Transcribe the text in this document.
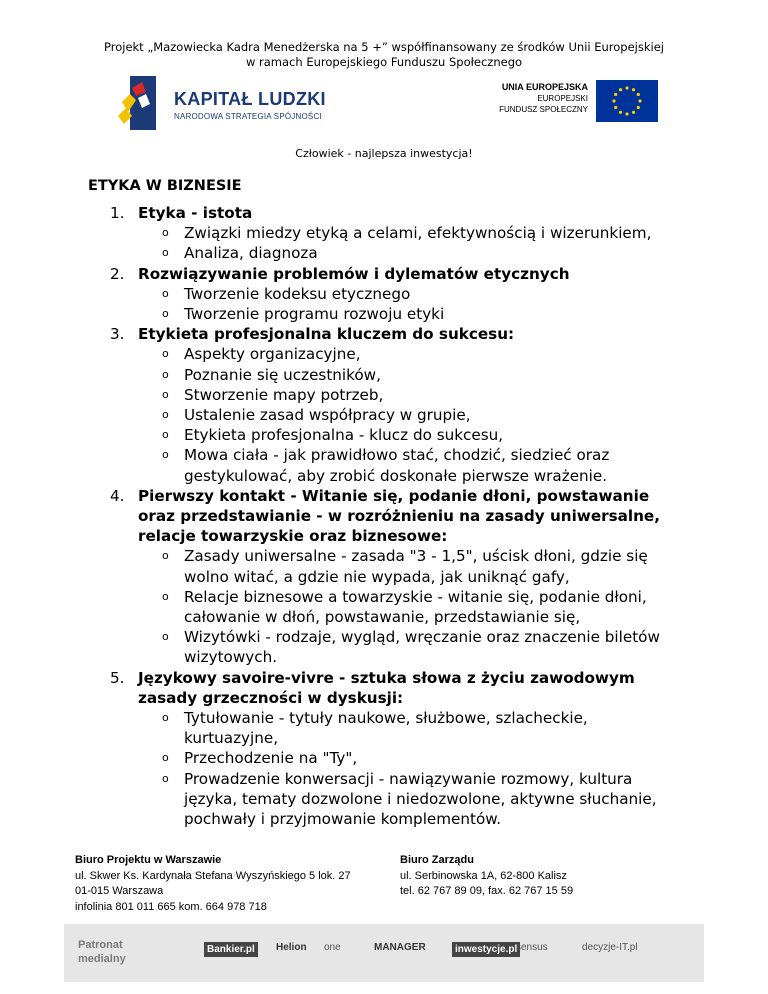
Projekt „Mazowiecka Kadra Menedżerska na 5 +” współfinansowany ze środków Unii Europejskiej
w ramach Europejskiego Funduszu Społecznego
KAPITAŁ LUDZKI
NARODOWA STRATEGIA SPÓJNOŚCI
UNIA EUROPEJSKA
EUROPEJSKI
FUNDUSZ SPOŁECZNY
Człowiek - najlepsza inwestycja!
ETYKA W BIZNESIE
1. Etyka - istota
o	Związki miedzy etyką a celami, efektywnością i wizerunkiem,
o	Analiza, diagnoza
2. Rozwiązywanie problemów i dylematów etycznych
o	Tworzenie kodeksu etycznego
o	Tworzenie programu rozwoju etyki
3. Etykieta profesjonalna kluczem do sukcesu:
o	Aspekty organizacyjne,
o	Poznanie się uczestników,
o	Stworzenie mapy potrzeb,
o	Ustalenie zasad współpracy w grupie,
o	Etykieta profesjonalna - klucz do sukcesu,
o	Mowa ciała - jak prawidłowo stać, chodzić, siedzieć oraz
gestykulować, aby zrobić doskonałe pierwsze wrażenie.
4. Pierwszy kontakt - Witanie się, podanie dłoni, powstawanie
oraz przedstawianie - w rozróżnieniu na zasady uniwersalne,
relacje towarzyskie oraz biznesowe:
o	Zasady uniwersalne - zasada "3 - 1,5", uścisk dłoni, gdzie się
wolno witać, a gdzie nie wypada, jak uniknąć gafy,
o	Relacje biznesowe a towarzyskie - witanie się, podanie dłoni,
całowanie w dłoń, powstawanie, przedstawianie się,
o	Wizytówki - rodzaje, wygląd, wręczanie oraz znaczenie biletów
wizytowych.
5. Językowy savoire-vivre - sztuka słowa z życiu zawodowym
zasady grzeczności w dyskusji:
o	Tytułowanie - tytuły naukowe, służbowe, szlacheckie,
kurtuazyjne,
o	Przechodzenie na "Ty",
o	Prowadzenie konwersacji - nawiązywanie rozmowy, kultura
języka, tematy dozwolone i niedozwolone, aktywne słuchanie,
pochwały i przyjmowanie komplementów.
Biuro Projektu w Warszawie
ul. Skwer Ks. Kardynała Stefana Wyszyńskiego 5 lok. 27
01-015 Warszawa
infolinia 801 011 665 kom. 664 978 718
Biuro Zarządu
ul. Serbinowska 1A, 62-800 Kalisz
tel. 62 767 89 09, fax. 62 767 15 59
Patronat
medialny
Bankier.pl	Helion one	MANAGER	inwestycje.pl
sensus	decyzje-IT.pl
